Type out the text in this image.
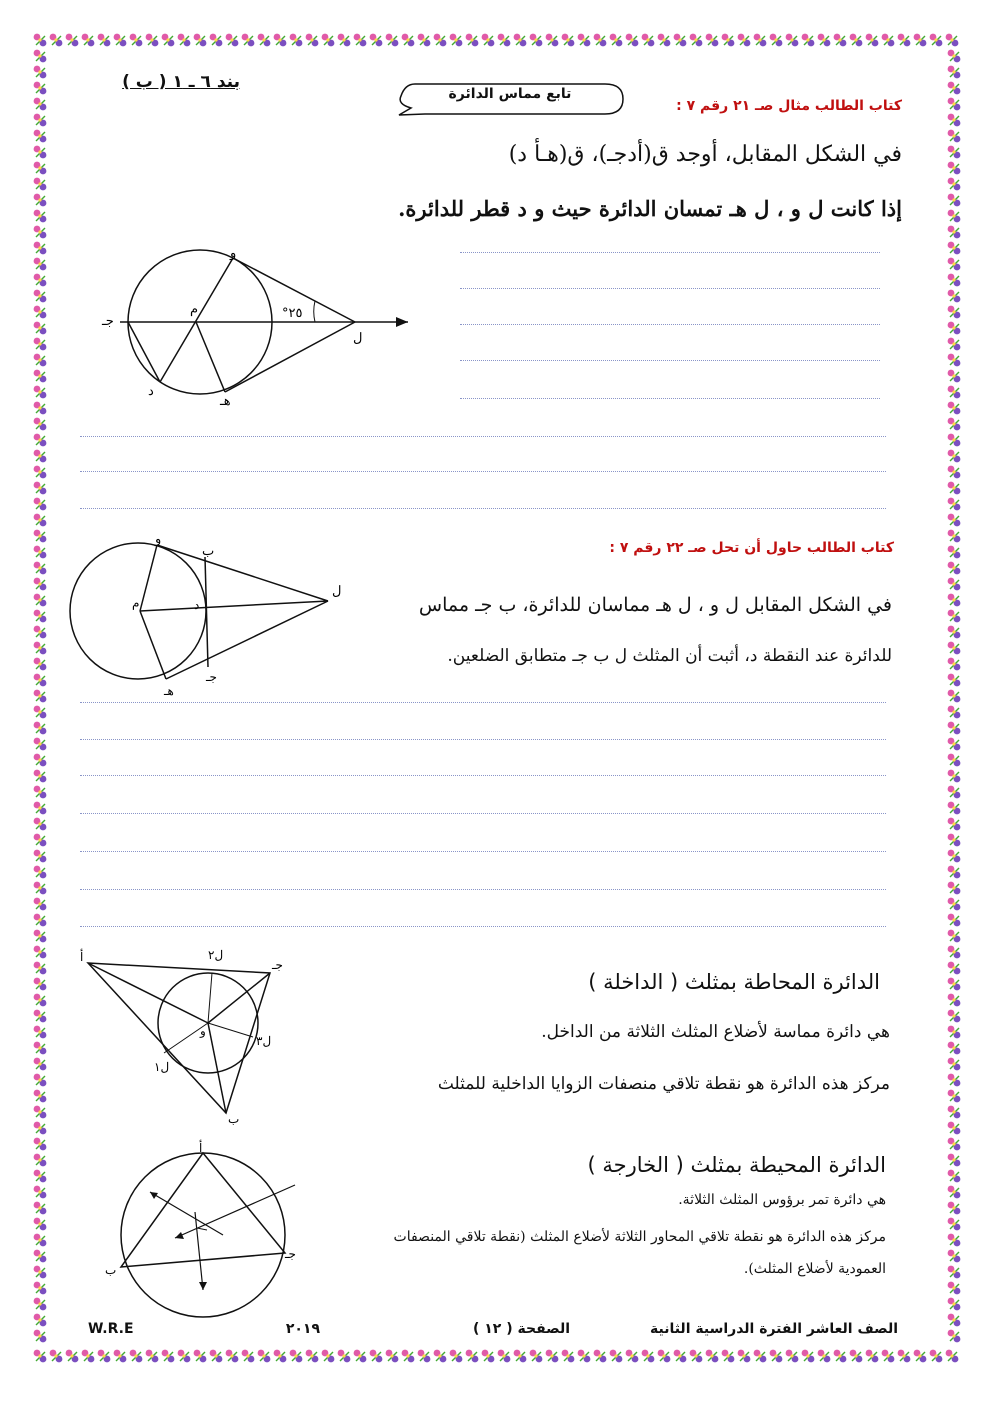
بند ٦ ـ ١ ( ب )
تابع مماس الدائرة
كتاب الطالب مثال صـ ٢١ رقم ٧ :
في الشكل المقابل، أوجد ق(أدجـ)، ق(هـأ د)
إذا كانت ل و ، ل هـ تمسان الدائرة حيث و د قطر للدائرة.
و
م
جـ
د
هـ
ل
°٢٥
كتاب الطالب حاول أن تحل صـ ٢٢ رقم ٧ :
في الشكل المقابل ل و ، ل هـ مماسان للدائرة، ب جـ مماس
للدائرة عند النقطة د، أثبت أن المثلث ل ب جـ متطابق الضلعين.
و
ب
ل
م	د
جـ
هـ
الدائرة المحاطة بمثلث ( الداخلة )
هي دائرة مماسة لأضلاع المثلث الثلاثة من الداخل.
مركز هذه الدائرة هو نقطة تلاقي منصفات الزوايا الداخلية للمثلث
أ	ل٢
جـ
و
ل٣
ل١
ب
الدائرة المحيطة بمثلث ( الخارجة )
هي دائرة تمر برؤوس المثلث الثلاثة.
مركز هذه الدائرة هو نقطة تلاقي المحاور الثلاثة لأضلاع المثلث (نقطة تلاقي المنصفات
العمودية لأضلاع المثلث).
أ
جـ
ب
الصف العاشر الفترة الدراسية الثانية
الصفحة ( ١٢ )
٢٠١٩
W.R.E
